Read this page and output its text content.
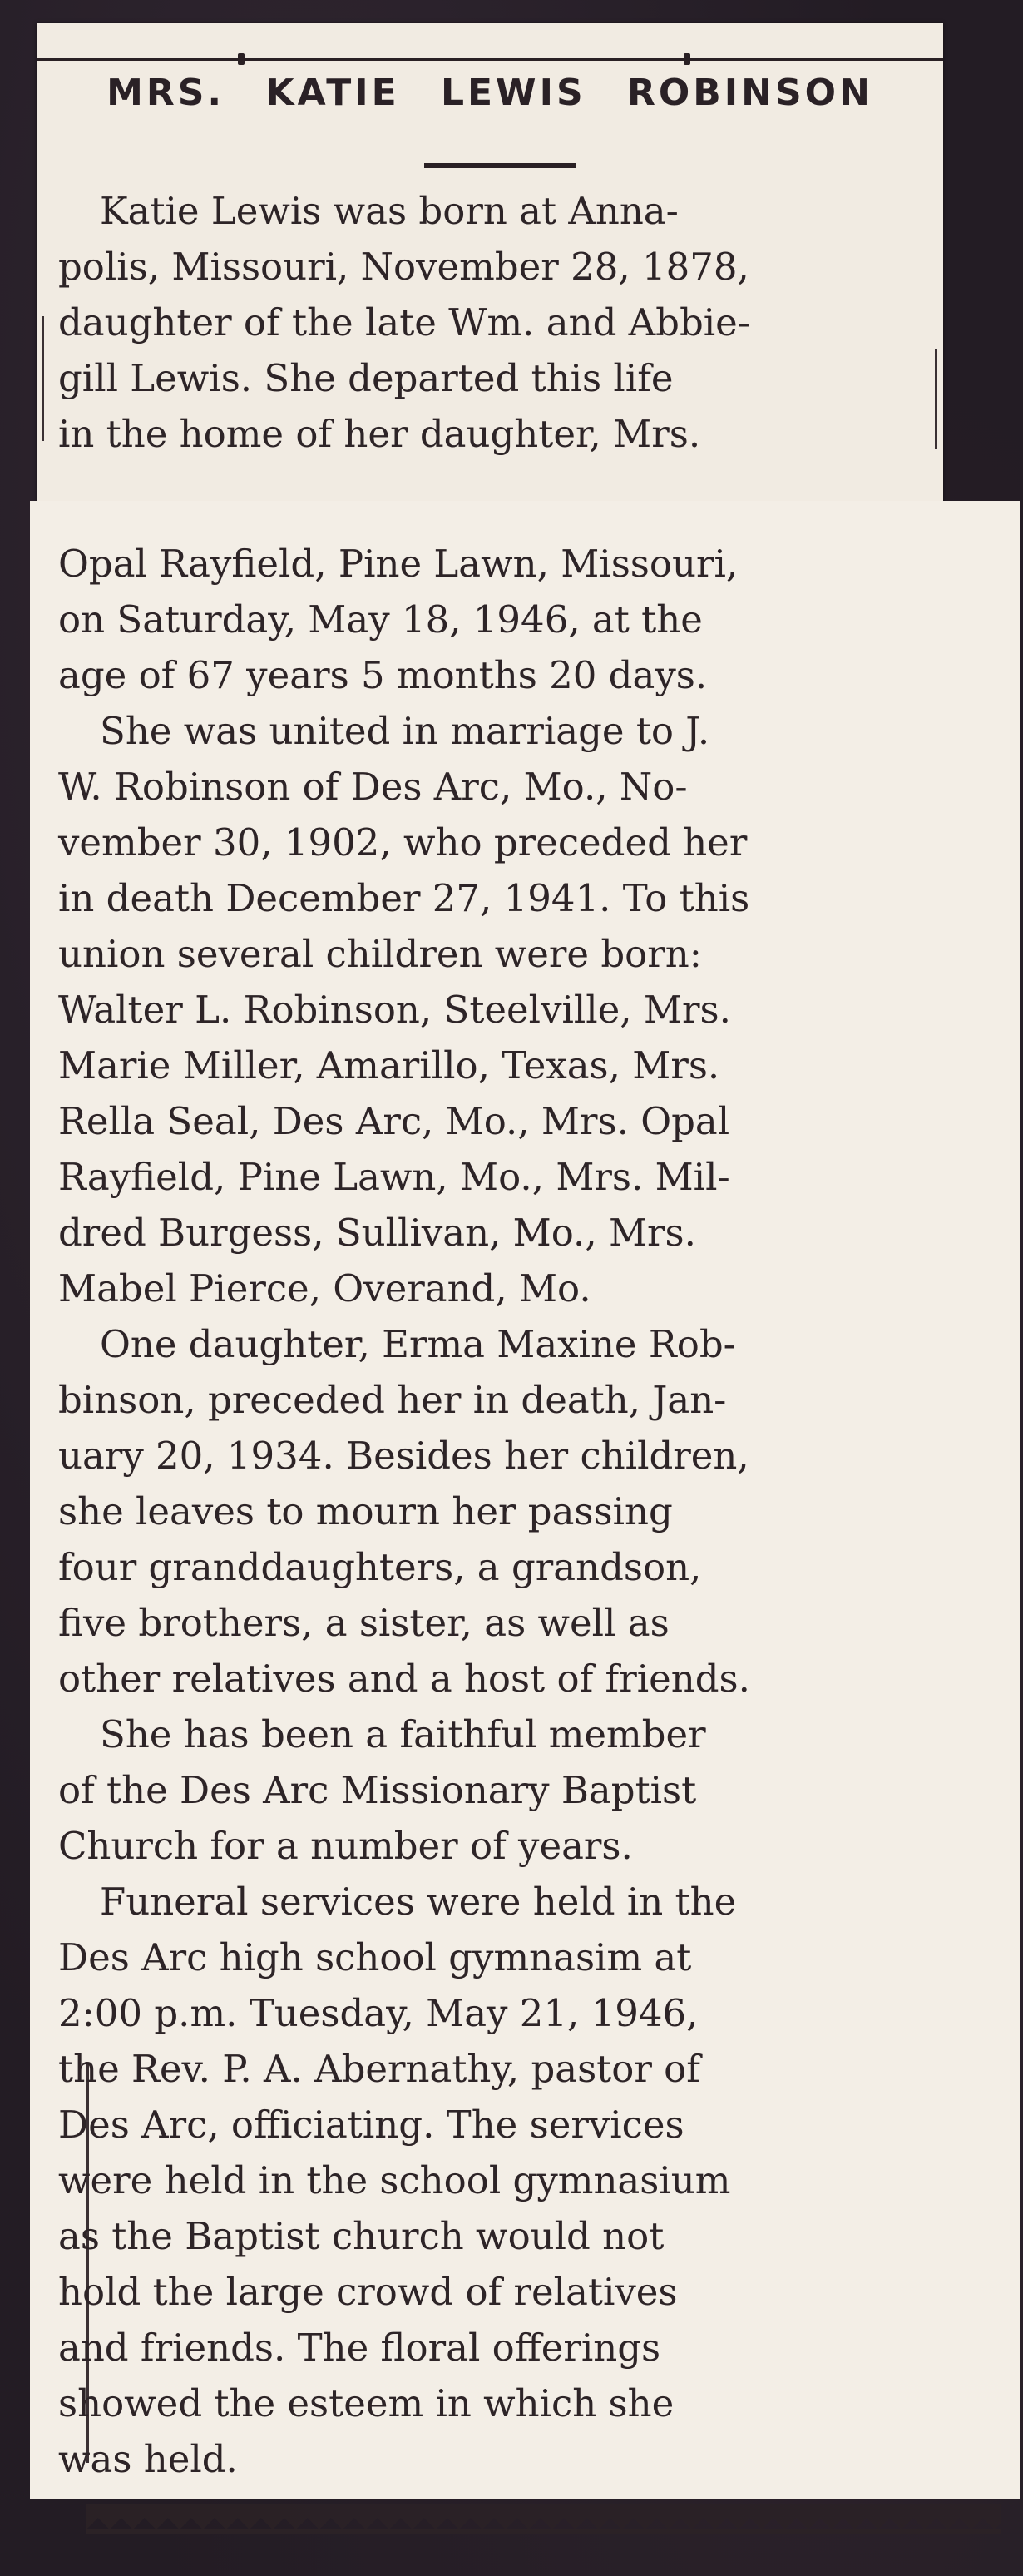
MRS. KATIE LEWIS ROBINSON
Katie Lewis was born at Anna-
polis, Missouri, November 28, 1878,
daughter of the late Wm. and Abbie-
gill Lewis. She departed this life
in the home of her daughter, Mrs.
Opal Rayfield, Pine Lawn, Missouri,
on Saturday, May 18, 1946, at the
age of 67 years 5 months 20 days.
She was united in marriage to J.
W. Robinson of Des Arc, Mo., No-
vember 30, 1902, who preceded her
in death December 27, 1941. To this
union several children were born:
Walter L. Robinson, Steelville, Mrs.
Marie Miller, Amarillo, Texas, Mrs.
Rella Seal, Des Arc, Mo., Mrs. Opal
Rayfield, Pine Lawn, Mo., Mrs. Mil-
dred Burgess, Sullivan, Mo., Mrs.
Mabel Pierce, Overand, Mo.
One daughter, Erma Maxine Rob-
binson, preceded her in death, Jan-
uary 20, 1934. Besides her children,
she leaves to mourn her passing
four granddaughters, a grandson,
five brothers, a sister, as well as
other relatives and a host of friends.
She has been a faithful member
of the Des Arc Missionary Baptist
Church for a number of years.
Funeral services were held in the
Des Arc high school gymnasim at
2:00 p.m. Tuesday, May 21, 1946,
the Rev. P. A. Abernathy, pastor of
Des Arc, officiating. The services
were held in the school gymnasium
as the Baptist church would not
hold the large crowd of relatives
and friends. The floral offerings
showed the esteem in which she
was held.
